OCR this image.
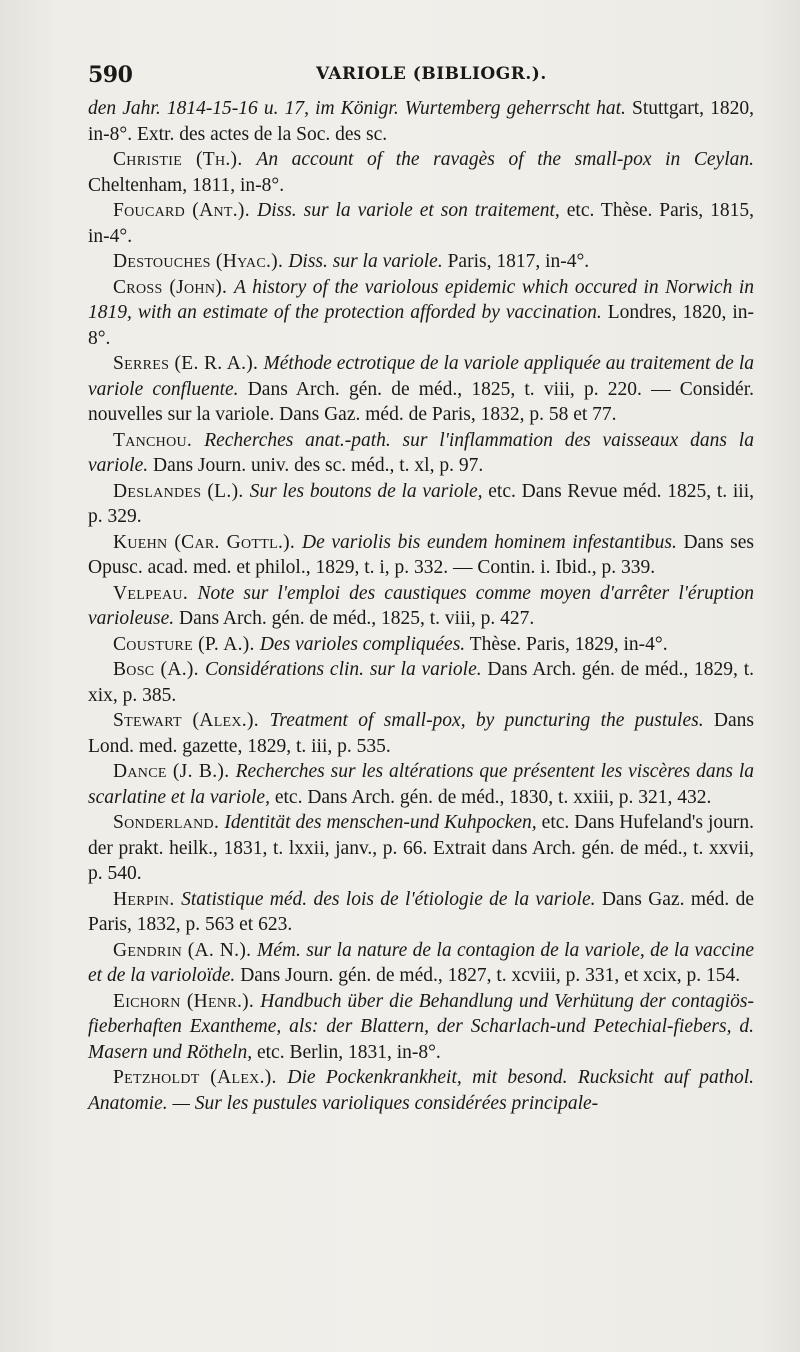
590	VARIOLE (BIBLIOGR.).

den Jahr. 1814-15-16 u. 17, im Königr. Wurtemberg geherrscht hat. Stuttgart, 1820, in-8°. Extr. des actes de la Soc. des sc.

Christie (Th.). An account of the ravagès of the small-pox in Ceylan. Cheltenham, 1811, in-8°.

Foucard (Ant.). Diss. sur la variole et son traitement, etc. Thèse. Paris, 1815, in-4°.

Destouches (Hyac.). Diss. sur la variole. Paris, 1817, in-4°.

Cross (John). A history of the variolous epidemic which occured in Norwich in 1819, with an estimate of the protection afforded by vaccination. Londres, 1820, in-8°.

Serres (E. R. A.). Méthode ectrotique de la variole appliquée au traitement de la variole confluente. Dans Arch. gén. de méd., 1825, t. viii, p. 220. — Considér. nouvelles sur la variole. Dans Gaz. méd. de Paris, 1832, p. 58 et 77.

Tanchou. Recherches anat.-path. sur l'inflammation des vaisseaux dans la variole. Dans Journ. univ. des sc. méd., t. xl, p. 97.

Deslandes (L.). Sur les boutons de la variole, etc. Dans Revue méd. 1825, t. iii, p. 329.

Kuehn (Car. Gottl.). De variolis bis eundem hominem infestantibus. Dans ses Opusc. acad. med. et philol., 1829, t. i, p. 332. — Contin. i. Ibid., p. 339.

Velpeau. Note sur l'emploi des caustiques comme moyen d'arrêter l'éruption varioleuse. Dans Arch. gén. de méd., 1825, t. viii, p. 427.

Cousture (P. A.). Des varioles compliquées. Thèse. Paris, 1829, in-4°.

Bosc (A.). Considérations clin. sur la variole. Dans Arch. gén. de méd., 1829, t. xix, p. 385.

Stewart (Alex.). Treatment of small-pox, by puncturing the pustules. Dans Lond. med. gazette, 1829, t. iii, p. 535.

Dance (J. B.). Recherches sur les altérations que présentent les viscères dans la scarlatine et la variole, etc. Dans Arch. gén. de méd., 1830, t. xxiii, p. 321, 432.

Sonderland. Identität des menschen-und Kuhpocken, etc. Dans Hufeland's journ. der prakt. heilk., 1831, t. lxxii, janv., p. 66. Extrait dans Arch. gén. de méd., t. xxvii, p. 540.

Herpin. Statistique méd. des lois de l'étiologie de la variole. Dans Gaz. méd. de Paris, 1832, p. 563 et 623.

Gendrin (A. N.). Mém. sur la nature de la contagion de la variole, de la vaccine et de la varioloïde. Dans Journ. gén. de méd., 1827, t. xcviii, p. 331, et xcix, p. 154.

Eichorn (Henr.). Handbuch über die Behandlung und Verhütung der contagiös-fieberhaften Exantheme, als: der Blattern, der Scharlach-und Petechial-fiebers, d. Masern und Rötheln, etc. Berlin, 1831, in-8°.

Petzholdt (Alex.). Die Pockenkrankheit, mit besond. Rucksicht auf pathol. Anatomie. — Sur les pustules varioliques considérées principale-
